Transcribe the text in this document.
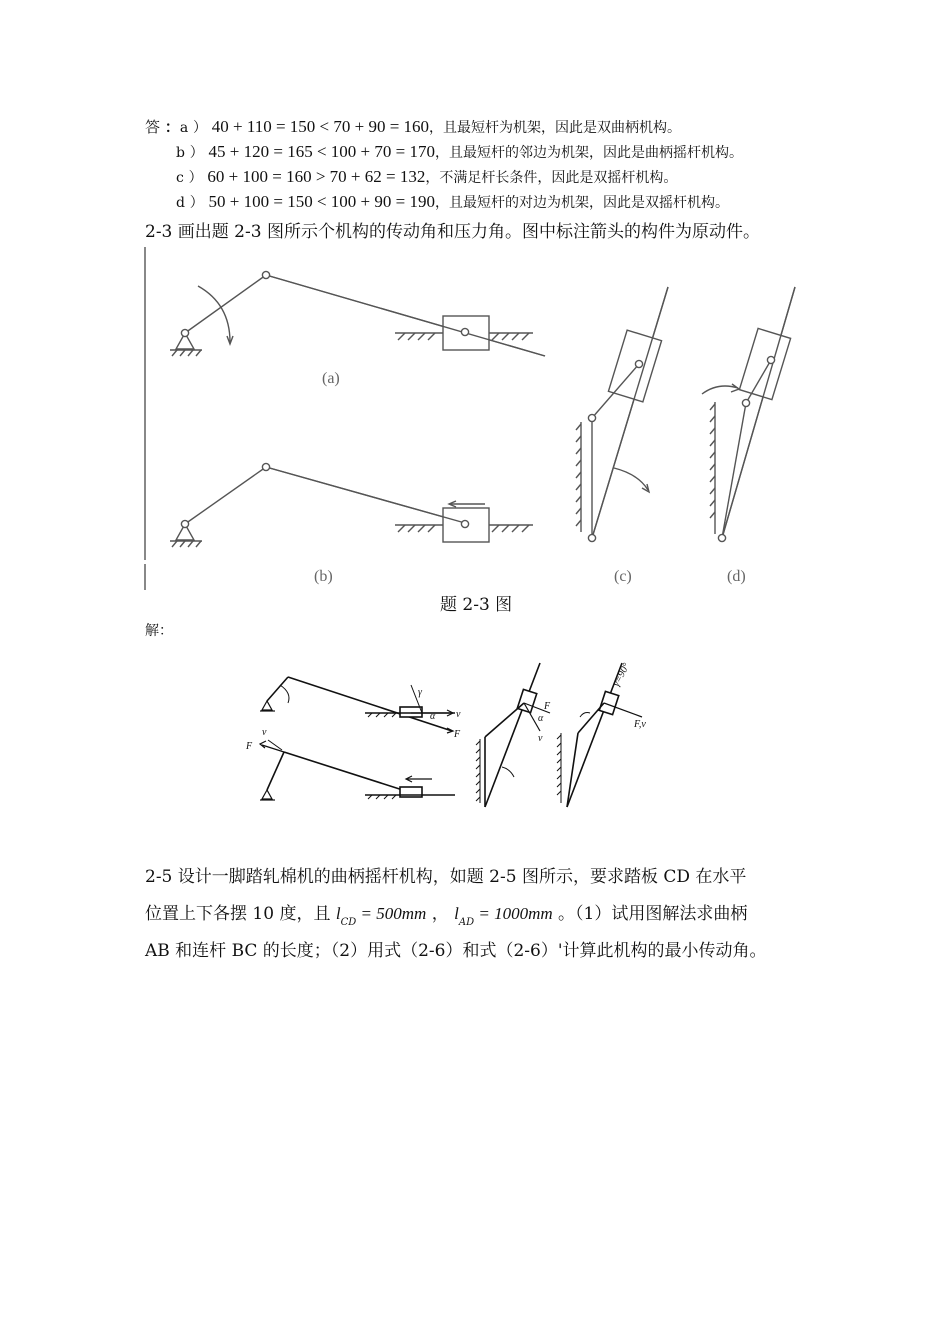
答 ：a ） 40 + 110 = 150 < 70 + 90 = 160，且最短杆为机架，因此是双曲柄机构。
b ） 45 + 120 = 165 < 100 + 70 = 170，且最短杆的邻边为机架，因此是曲柄摇杆机构。
c ） 60 + 100 = 160 > 70 + 62 = 132，不满足杆长条件，因此是双摇杆机构。
d ） 50 + 100 = 150 < 100 + 90 = 190，且最短杆的对边为机架，因此是双摇杆机构。
2-3 画出题 2-3 图所示个机构的传动角和压力角。图中标注箭头的构件为原动件。
(a)
(b)	(c)	(d)
题 2-3 图
解：
v
F
α
γ
F
v
F
α
v
γ=90°
F,v
2-5 设计一脚踏轧棉机的曲柄摇杆机构，如题 2-5 图所示，要求踏板 CD 在水平
位置上下各摆 10 度，且 $l_{CD} = 500mm$ ， $l_{AD} = 1000mm$ 。（1）试用图解法求曲柄
AB 和连杆 BC 的长度；（2）用式（2-6）和式（2-6）'计算此机构的最小传动角。
